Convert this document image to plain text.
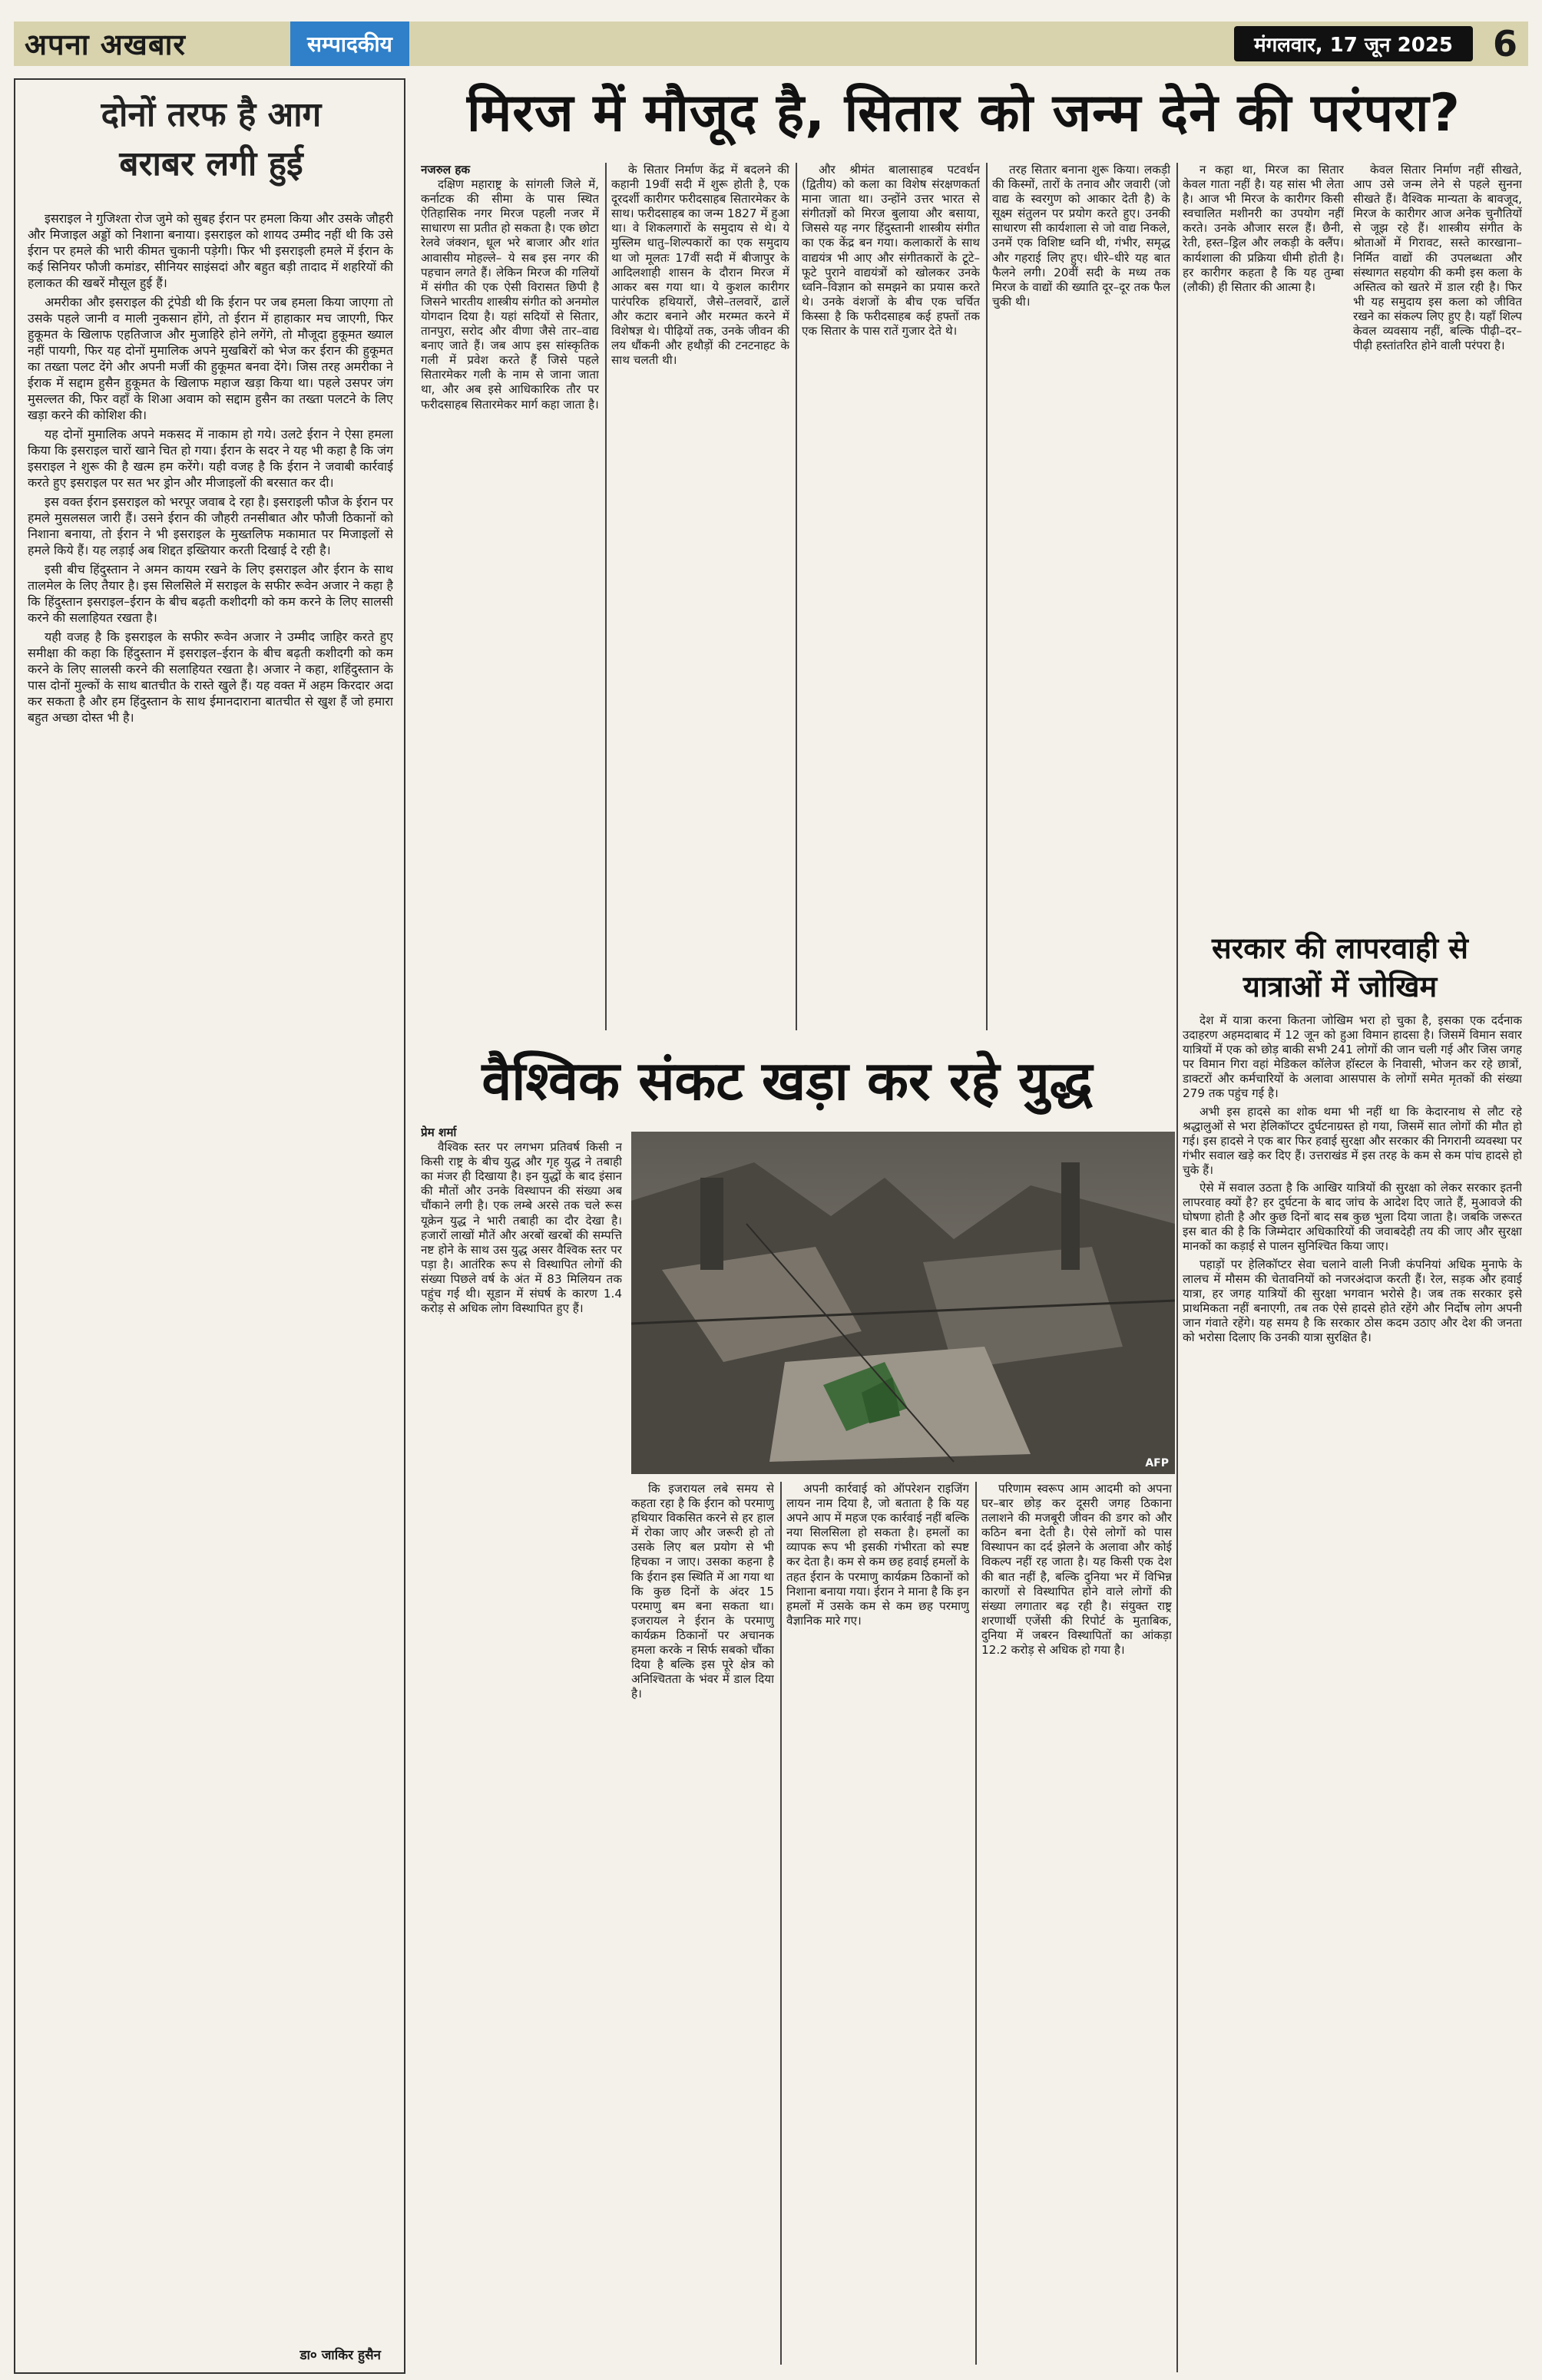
अपना अखबार	सम्पादकीय	मंगलवार, 17 जून 2025	6
दोनों तरफ है आग
बराबर लगी हुई

इसराइल ने गुजिश्ता रोज जुमे को सुबह ईरान पर हमला किया और उसके जौहरी और मिजाइल अड्डों को निशाना बनाया। इसराइल को शायद उम्मीद नहीं थी कि उसे ईरान पर हमले की भारी कीमत चुकानी पड़ेगी। फिर भी इसराइली हमले में ईरान के कई सिनियर फौजी कमांडर, सीनियर साइंसदां और बहुत बड़ी तादाद में शहरियों की हलाकत की खबरें मौसूल हुई हैं।

अमरीका और इसराइल की ट्रंपेडी थी कि ईरान पर जब हमला किया जाएगा तो उसके पहले जानी व माली नुकसान होंगे, तो ईरान में हाहाकार मच जाएगी, फिर हुकूमत के खिलाफ एहतिजाज और मुजाहिरे होने लगेंगे, तो मौजूदा हुकूमत ख्याल नहीं पायगी, फिर यह दोनों मुमालिक अपने मुखबिरों को भेज कर ईरान की हुकूमत का तख्ता पलट देंगे और अपनी मर्जी की हुकूमत बनवा देंगे। जिस तरह अमरीका ने ईराक में सद्दाम हुसैन हुकूमत के खिलाफ महाज खड़ा किया था। पहले उसपर जंग मुसल्लत की, फिर वहाँ के शिआ अवाम को सद्दाम हुसैन का तख्ता पलटने के लिए खड़ा करने की कोशिश की।

यह दोनों मुमालिक अपने मकसद में नाकाम हो गये। उलटे ईरान ने ऐसा हमला किया कि इसराइल चारों खाने चित हो गया। ईरान के सदर ने यह भी कहा है कि जंग इसराइल ने शुरू की है खत्म हम करेंगे। यही वजह है कि ईरान ने जवाबी कार्रवाई करते हुए इसराइल पर सत भर ड्रोन और मीजाइलों की बरसात कर दी।

इस वक्त ईरान इसराइल को भरपूर जवाब दे रहा है। इसराइली फौज के ईरान पर हमले मुसलसल जारी हैं। उसने ईरान की जौहरी तनसीबात और फौजी ठिकानों को निशाना बनाया, तो ईरान ने भी इसराइल के मुख्तलिफ मकामात पर मिजाइलों से हमले किये हैं। यह लड़ाई अब शिद्दत इख्तियार करती दिखाई दे रही है।

इसी बीच हिंदुस्तान ने अमन कायम रखने के लिए इसराइल और ईरान के साथ तालमेल के लिए तैयार है। इस सिलसिले में सराइल के सफीर रूवेन अजार ने कहा है कि हिंदुस्तान इसराइल–ईरान के बीच बढ़ती कशीदगी को कम करने के लिए सालसी करने की सलाहियत रखता है।

यही वजह है कि इसराइल के सफीर रूवेन अजार ने उम्मीद जाहिर करते हुए समीक्षा की कहा कि हिंदुस्तान में इसराइल–ईरान के बीच बढ़ती कशीदगी को कम करने के लिए सालसी करने की सलाहियत रखता है। अजार ने कहा, शहिंदुस्तान के पास दोनों मुल्कों के साथ बातचीत के रास्ते खुले हैं। यह वक्त में अहम किरदार अदा कर सकता है और हम हिंदुस्तान के साथ ईमानदाराना बातचीत से खुश हैं जो हमारा बहुत अच्छा दोस्त भी है।

डा० जाकिर हुसैन
मिरज में मौजूद है, सितार को जन्म देने की परंपरा?
नजरुल हक

दक्षिण महाराष्ट्र के सांगली जिले में, कर्नाटक की सीमा के पास स्थित ऐतिहासिक नगर मिरज पहली नजर में साधारण सा प्रतीत हो सकता है। एक छोटा रेलवे जंक्शन, धूल भरे बाजार और शांत आवासीय मोहल्ले– ये सब इस नगर की पहचान लगते हैं। लेकिन मिरज की गलियों में संगीत की एक ऐसी विरासत छिपी है जिसने भारतीय शास्त्रीय संगीत को अनमोल योगदान दिया है। यहां सदियों से सितार, तानपुरा, सरोद और वीणा जैसे तार–वाद्य बनाए जाते हैं। जब आप इस सांस्कृतिक गली में प्रवेश करते हैं जिसे पहले सितारमेकर गली के नाम से जाना जाता था, और अब इसे आधिकारिक तौर पर फरीदसाहब सितारमेकर मार्ग कहा जाता है।

के सितार निर्माण केंद्र में बदलने की कहानी 19वीं सदी में शुरू होती है, एक दूरदर्शी कारीगर फरीदसाहब सितारमेकर के साथ। फरीदसाहब का जन्म 1827 में हुआ था। वे शिकलगारों के समुदाय से थे। ये मुस्लिम धातु–शिल्पकारों का एक समुदाय था जो मूलतः 17वीं सदी में बीजापुर के आदिलशाही शासन के दौरान मिरज में आकर बस गया था। ये कुशल कारीगर पारंपरिक हथियारों, जैसे–तलवारें, ढालें और कटार बनाने और मरम्मत करने में विशेषज्ञ थे। पीढ़ियों तक, उनके जीवन की लय धौंकनी और हथौड़ों की टनटनाहट के साथ चलती थी।

और श्रीमंत बालासाहब पटवर्धन (द्वितीय) को कला का विशेष संरक्षणकर्ता माना जाता था। उन्होंने उत्तर भारत से संगीतज्ञों को मिरज बुलाया और बसाया, जिससे यह नगर हिंदुस्तानी शास्त्रीय संगीत का एक केंद्र बन गया। कलाकारों के साथ वाद्ययंत्र भी आए और संगीतकारों के टूटे–फूटे पुराने वाद्ययंत्रों को खोलकर उनके ध्वनि–विज्ञान को समझने का प्रयास करते थे। उनके वंशजों के बीच एक चर्चित किस्सा है कि फरीदसाहब कई हफ्तों तक एक सितार के पास रातें गुजार देते थे।

तरह सितार बनाना शुरू किया। लकड़ी की किस्मों, तारों के तनाव और जवारी (जो वाद्य के स्वरगुण को आकार देती है) के सूक्ष्म संतुलन पर प्रयोग करते हुए। उनकी साधारण सी कार्यशाला से जो वाद्य निकले, उनमें एक विशिष्ट ध्वनि थी, गंभीर, समृद्ध और गहराई लिए हुए। धीरे–धीरे यह बात फैलने लगी। 20वीं सदी के मध्य तक मिरज के वाद्यों की ख्याति दूर–दूर तक फैल चुकी थी।

न कहा था, मिरज का सितार केवल गाता नहीं है। यह सांस भी लेता है। आज भी मिरज के कारीगर किसी स्वचालित मशीनरी का उपयोग नहीं करते। उनके औजार सरल हैं। छैनी, रेती, हस्त–ड्रिल और लकड़ी के क्लैंप। कार्यशाला की प्रक्रिया धीमी होती है। हर कारीगर कहता है कि यह तुम्बा (लौकी) ही सितार की आत्मा है।

केवल सितार निर्माण नहीं सीखते, आप उसे जन्म लेने से पहले सुनना सीखते हैं। वैश्विक मान्यता के बावजूद, मिरज के कारीगर आज अनेक चुनौतियों से जूझ रहे हैं। शास्त्रीय संगीत के श्रोताओं में गिरावट, सस्ते कारखाना–निर्मित वाद्यों की उपलब्धता और संस्थागत सहयोग की कमी इस कला के अस्तित्व को खतरे में डाल रही है। फिर भी यह समुदाय इस कला को जीवित रखने का संकल्प लिए हुए है। यहाँ शिल्प केवल व्यवसाय नहीं, बल्कि पीढ़ी–दर–पीढ़ी हस्तांतरित होने वाली परंपरा है।

सरकार की लापरवाही से
यात्राओं में जोखिम

देश में यात्रा करना कितना जोखिम भरा हो चुका है, इसका एक दर्दनाक उदाहरण अहमदाबाद में 12 जून को हुआ विमान हादसा है। जिसमें विमान सवार यात्रियों में एक को छोड़ बाकी सभी 241 लोगों की जान चली गई और जिस जगह पर विमान गिरा वहां मेडिकल कॉलेज हॉस्टल के निवासी, भोजन कर रहे छात्रों, डाक्टरों और कर्मचारियों के अलावा आसपास के लोगों समेत मृतकों की संख्या 279 तक पहुंच गई है।

अभी इस हादसे का शोक थमा भी नहीं था कि केदारनाथ से लौट रहे श्रद्धालुओं से भरा हेलिकॉप्टर दुर्घटनाग्रस्त हो गया, जिसमें सात लोगों की मौत हो गई। इस हादसे ने एक बार फिर हवाई सुरक्षा और सरकार की निगरानी व्यवस्था पर गंभीर सवाल खड़े कर दिए हैं। उत्तराखंड में इस तरह के कम से कम पांच हादसे हो चुके हैं।

ऐसे में सवाल उठता है कि आखिर यात्रियों की सुरक्षा को लेकर सरकार इतनी लापरवाह क्यों है? हर दुर्घटना के बाद जांच के आदेश दिए जाते हैं, मुआवजे की घोषणा होती है और कुछ दिनों बाद सब कुछ भुला दिया जाता है। जबकि जरूरत इस बात की है कि जिम्मेदार अधिकारियों की जवाबदेही तय की जाए और सुरक्षा मानकों का कड़ाई से पालन सुनिश्चित किया जाए।

पहाड़ों पर हेलिकॉप्टर सेवा चलाने वाली निजी कंपनियां अधिक मुनाफे के लालच में मौसम की चेतावनियों को नजरअंदाज करती हैं। रेल, सड़क और हवाई यात्रा, हर जगह यात्रियों की सुरक्षा भगवान भरोसे है। जब तक सरकार इसे प्राथमिकता नहीं बनाएगी, तब तक ऐसे हादसे होते रहेंगे और निर्दोष लोग अपनी जान गंवाते रहेंगे। यह समय है कि सरकार ठोस कदम उठाए और देश की जनता को भरोसा दिलाए कि उनकी यात्रा सुरक्षित है।

वैश्विक संकट खड़ा कर रहे युद्ध
प्रेम शर्मा

वैश्विक स्तर पर लगभग प्रतिवर्ष किसी न किसी राष्ट्र के बीच युद्ध और गृह युद्ध ने तबाही का मंजर ही दिखाया है। इन युद्धों के बाद इंसान की मौतों और उनके विस्थापन की संख्या अब चौंकाने लगी है। एक लम्बे अरसे तक चले रूस यूक्रेन युद्ध ने भारी तबाही का दौर देखा है। हजारों लाखों मौतें और अरबों खरबों की सम्पत्ति नष्ट होने के साथ उस युद्ध असर वैश्विक स्तर पर पड़ा है। आतंरिक रूप से विस्थापित लोगों की संख्या पिछले वर्ष के अंत में 83 मिलियन तक पहुंच गई थी। सूडान में संघर्ष के कारण 1.4 करोड़ से अधिक लोग विस्थापित हुए हैं।

AFP

कि इजरायल लबे समय से कहता रहा है कि ईरान को परमाणु हथियार विकसित करने से हर हाल में रोका जाए और जरूरी हो तो उसके लिए बल प्रयोग से भी हिचका न जाए। उसका कहना है कि ईरान इस स्थिति में आ गया था कि कुछ दिनों के अंदर 15 परमाणु बम बना सकता था। इजरायल ने ईरान के परमाणु कार्यक्रम ठिकानों पर अचानक हमला करके न सिर्फ सबको चौंका दिया है बल्कि इस पूरे क्षेत्र को अनिश्चितता के भंवर में डाल दिया है।

अपनी कार्रवाई को ऑपरेशन राइजिंग लायन नाम दिया है, जो बताता है कि यह अपने आप में महज एक कार्रवाई नहीं बल्कि नया सिलसिला हो सकता है। हमलों का व्यापक रूप भी इसकी गंभीरता को स्पष्ट कर देता है। कम से कम छह हवाई हमलों के तहत ईरान के परमाणु कार्यक्रम ठिकानों को निशाना बनाया गया। ईरान ने माना है कि इन हमलों में उसके कम से कम छह परमाणु वैज्ञानिक मारे गए।

परिणाम स्वरूप आम आदमी को अपना घर–बार छोड़ कर दूसरी जगह ठिकाना तलाशने की मजबूरी जीवन की डगर को और कठिन बना देती है। ऐसे लोगों को पास विस्थापन का दर्द झेलने के अलावा और कोई विकल्प नहीं रह जाता है। यह किसी एक देश की बात नहीं है, बल्कि दुनिया भर में विभिन्न कारणों से विस्थापित होने वाले लोगों की संख्या लगातार बढ़ रही है। संयुक्त राष्ट्र शरणार्थी एजेंसी की रिपोर्ट के मुताबिक, दुनिया में जबरन विस्थापितों का आंकड़ा 12.2 करोड़ से अधिक हो गया है।
